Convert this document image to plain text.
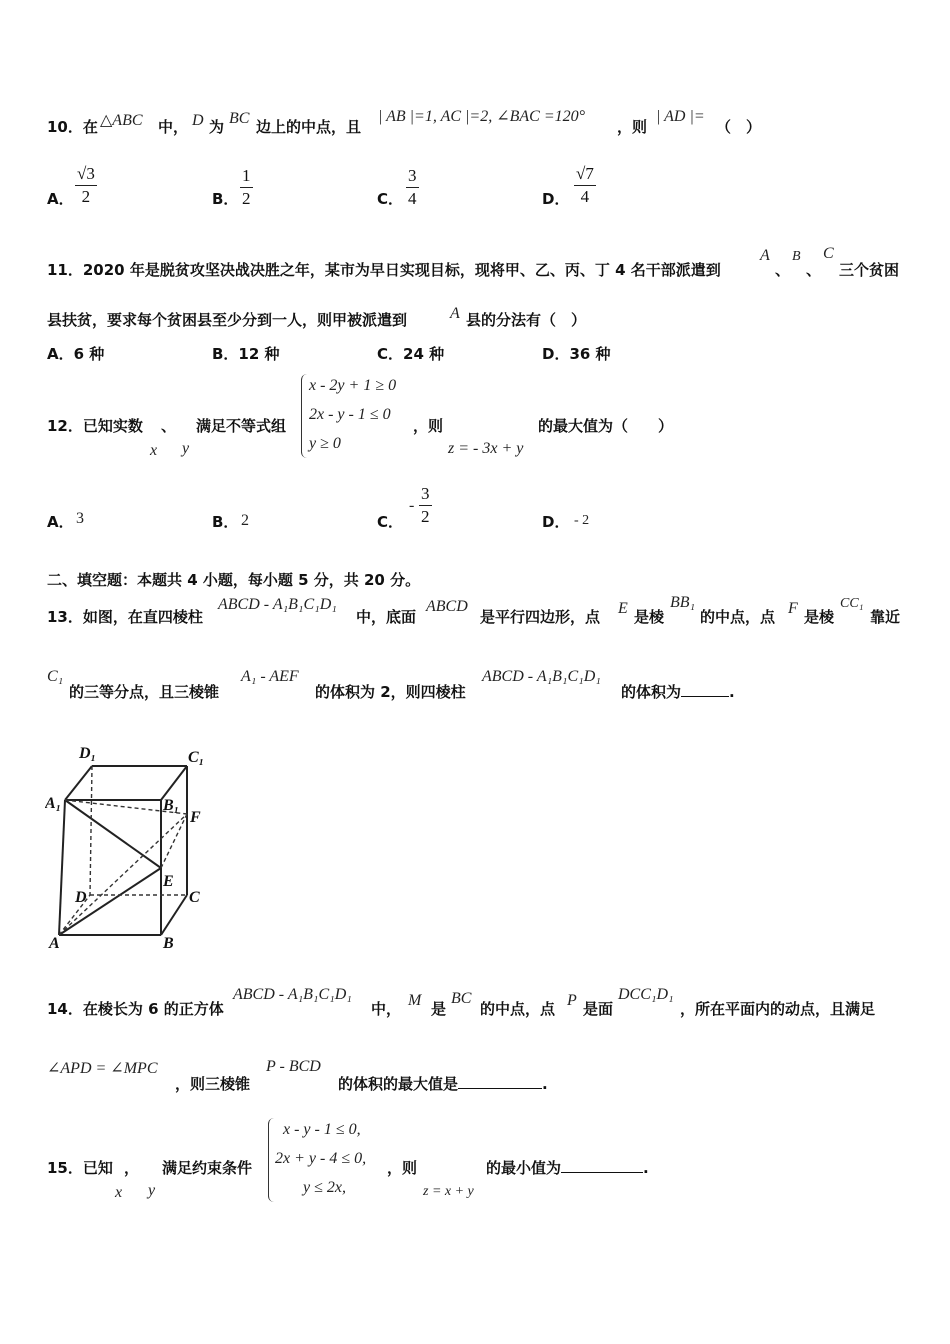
10．在 △ABC 中， D 为 BC 边上的中点，且
| AB |=1, AC |=2, ∠BAC =120°
，则
| AD |=
（　）
A．
√3
2	B．
1
2	C．
3
4	D．
√7
4
11．2020 年是脱贫攻坚决战决胜之年，某市为早日实现目标，现将甲、乙、丙、丁 4 名干部派遣到
A
、
B
、
C
三个贫困
县扶贫，要求每个贫困县至少分到一人，则甲被派遣到	A 县的分法有（　）
A．6 种	B．12 种	C．24 种	D．36 种
12．已知实数 、 满足不等式组
x y
x - 2y + 1 ≥ 0
2x - y - 1 ≤ 0
y ≥ 0
，则
z = - 3x + y
的最大值为（　　）
A． 3	B． 2	C．
-
3
2	D． - 2
二、填空题：本题共 4 小题，每小题 5 分，共 20 分。
13．如图，在直四棱柱
ABCD - A₁B₁C₁D₁
中，底面
ABCD
是平行四边形，点 E 是棱
BB₁
的中点，点 F 是棱
CC₁
靠近
C₁
的三等分点，且三棱锥
A₁ - AEF
的体积为 2，则四棱柱
ABCD - A₁B₁C₁D₁
的体积为	.
D₁	C₁
A₁	B₁
F
E
D	C
A	B
14．在棱长为 6 的正方体
ABCD - A₁B₁C₁D₁
中， M 是
BC
的中点，点 P 是面
DCC₁D₁
，所在平面内的动点，且满足
∠APD = ∠MPC
，则三棱锥
P - BCD
的体积的最大值是	.
15．已知 ， 满足约束条件
x y
x - y - 1 ≤ 0,
2x + y - 4 ≤ 0,
y ≤ 2x,
，则
z = x + y
的最小值为	.
